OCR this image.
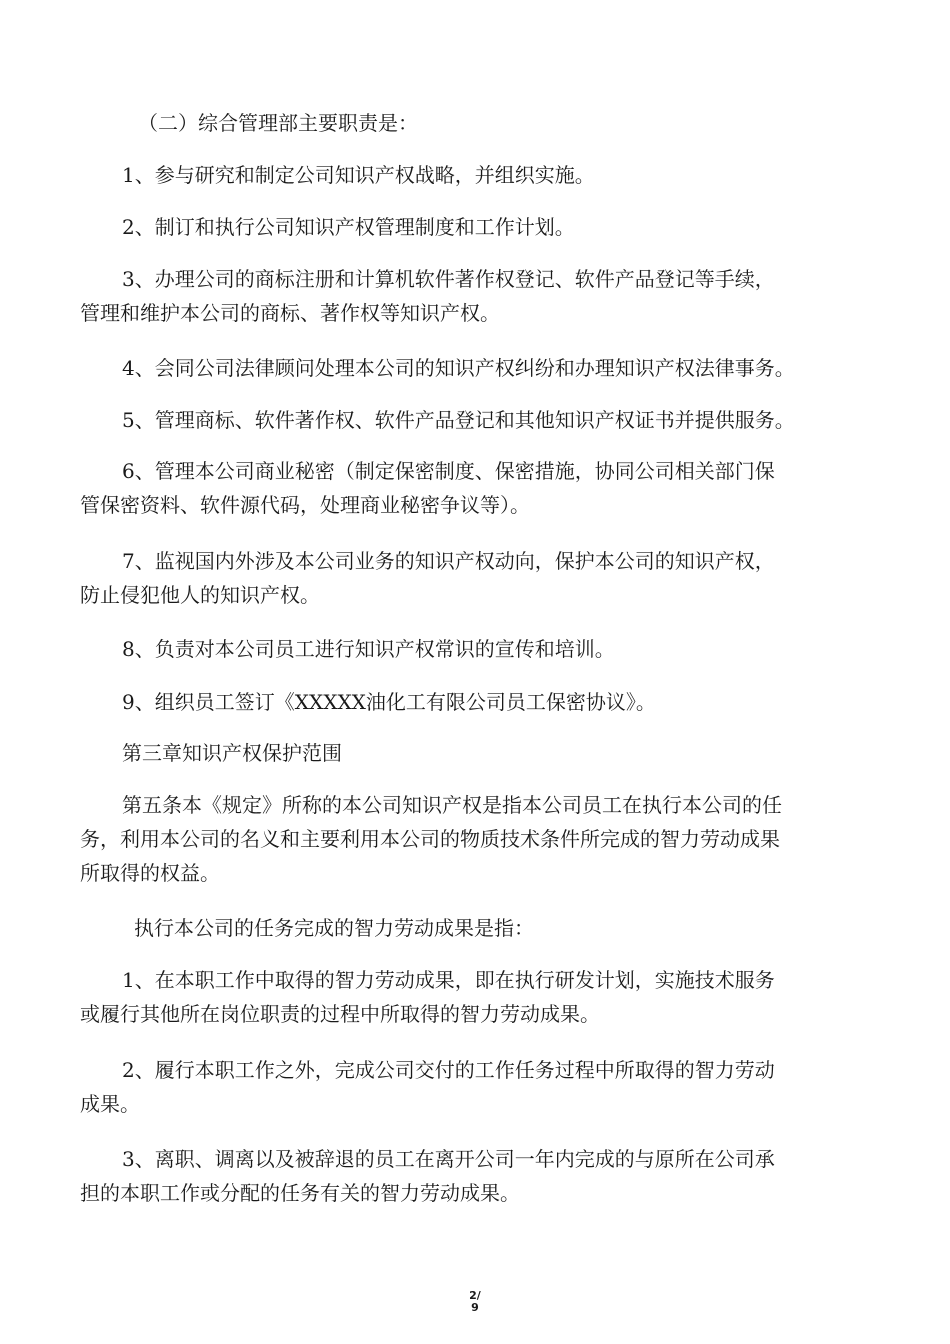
（二）综合管理部主要职责是：

1、参与研究和制定公司知识产权战略，并组织实施。

2、制订和执行公司知识产权管理制度和工作计划。

3、办理公司的商标注册和计算机软件著作权登记、软件产品登记等手续，
管理和维护本公司的商标、著作权等知识产权。

4、会同公司法律顾问处理本公司的知识产权纠纷和办理知识产权法律事务。

5、管理商标、软件著作权、软件产品登记和其他知识产权证书并提供服务。

6、管理本公司商业秘密（制定保密制度、保密措施，协同公司相关部门保
管保密资料、软件源代码，处理商业秘密争议等）。

7、监视国内外涉及本公司业务的知识产权动向，保护本公司的知识产权，
防止侵犯他人的知识产权。

8、负责对本公司员工进行知识产权常识的宣传和培训。

9、组织员工签订《XXXXX油化工有限公司员工保密协议》。

第三章知识产权保护范围

第五条本《规定》所称的本公司知识产权是指本公司员工在执行本公司的任
务，利用本公司的名义和主要利用本公司的物质技术条件所完成的智力劳动成果
所取得的权益。

执行本公司的任务完成的智力劳动成果是指：

1、在本职工作中取得的智力劳动成果，即在执行研发计划，实施技术服务
或履行其他所在岗位职责的过程中所取得的智力劳动成果。

2、履行本职工作之外，完成公司交付的工作任务过程中所取得的智力劳动
成果。

3、离职、调离以及被辞退的员工在离开公司一年内完成的与原所在公司承
担的本职工作或分配的任务有关的智力劳动成果。

2/
9
